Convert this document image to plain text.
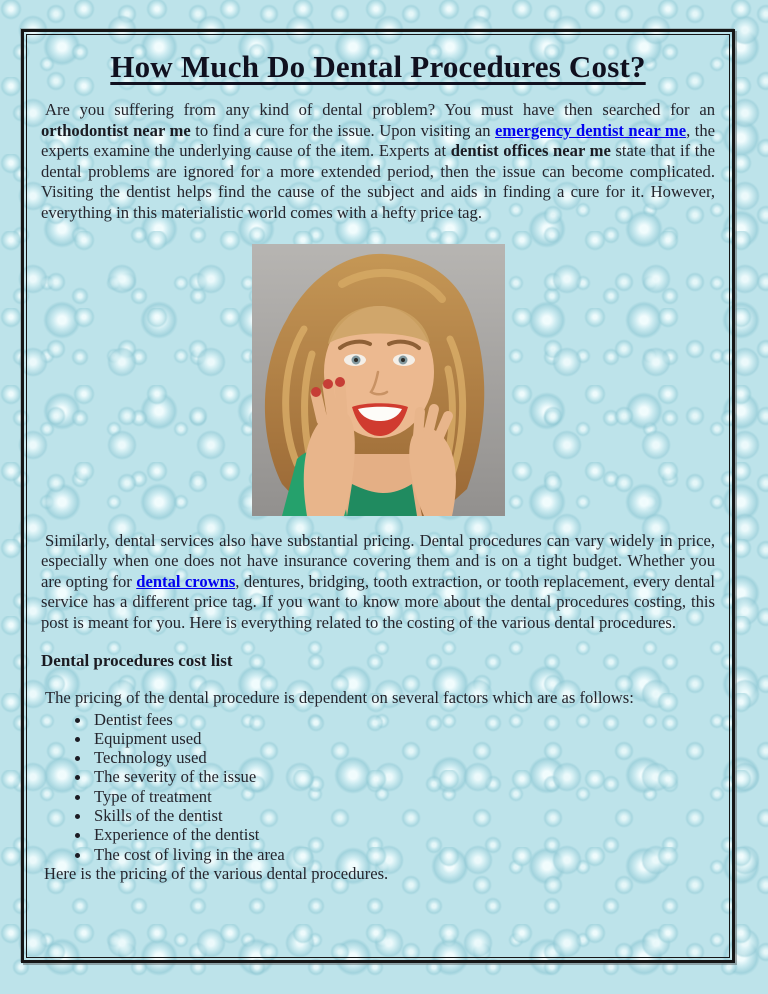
How Much Do Dental Procedures Cost?

Are you suffering from any kind of dental problem? You must have then searched for an orthodontist near me to find a cure for the issue. Upon visiting an emergency dentist near me, the experts examine the underlying cause of the item. Experts at dentist offices near me state that if the dental problems are ignored for a more extended period, then the issue can become complicated. Visiting the dentist helps find the cause of the subject and aids in finding a cure for it. However, everything in this materialistic world comes with a hefty price tag.

Similarly, dental services also have substantial pricing. Dental procedures can vary widely in price, especially when one does not have insurance covering them and is on a tight budget. Whether you are opting for dental crowns, dentures, bridging, tooth extraction, or tooth replacement, every dental service has a different price tag. If you want to know more about the dental procedures costing, this post is meant for you. Here is everything related to the costing of the various dental procedures.

Dental procedures cost list

The pricing of the dental procedure is dependent on several factors which are as follows:

Dentist fees
Equipment used
Technology used
The severity of the issue
Type of treatment
Skills of the dentist
Experience of the dentist
The cost of living in the area

Here is the pricing of the various dental procedures.
